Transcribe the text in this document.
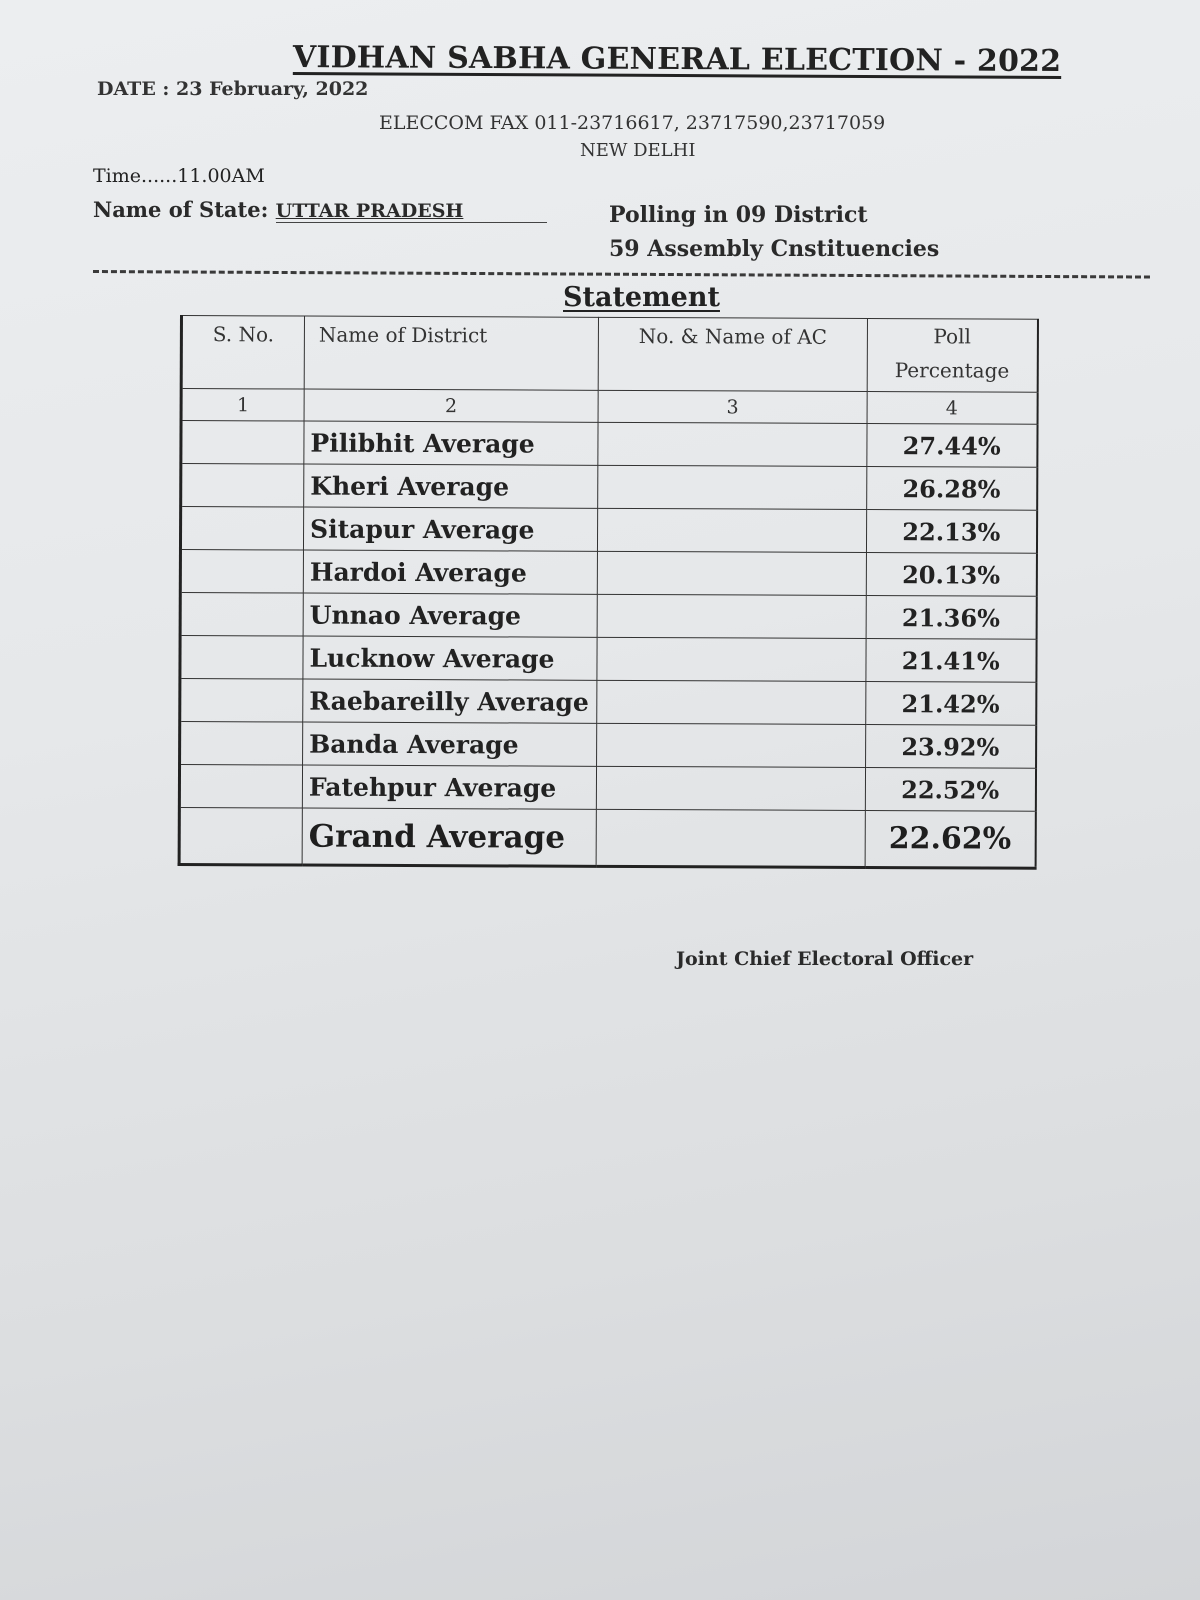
VIDHAN SABHA GENERAL ELECTION - 2022
DATE : 23 February, 2022
ELECCOM FAX 011-23716617, 23717590,23717059
NEW DELHI
Time......11.00AM
Name of State: UTTAR PRADESH	Polling in 09 District
59 Assembly Cnstituencies
Statement
S. No.	Name of District	No. & Name of AC	Poll Percentage
1	2	3	4
	Pilibhit Average		27.44%
	Kheri Average		26.28%
	Sitapur Average		22.13%
	Hardoi Average		20.13%
	Unnao Average		21.36%
	Lucknow Average		21.41%
	Raebareilly Average		21.42%
	Banda Average		23.92%
	Fatehpur Average		22.52%
	Grand Average		22.62%
Joint Chief Electoral Officer
